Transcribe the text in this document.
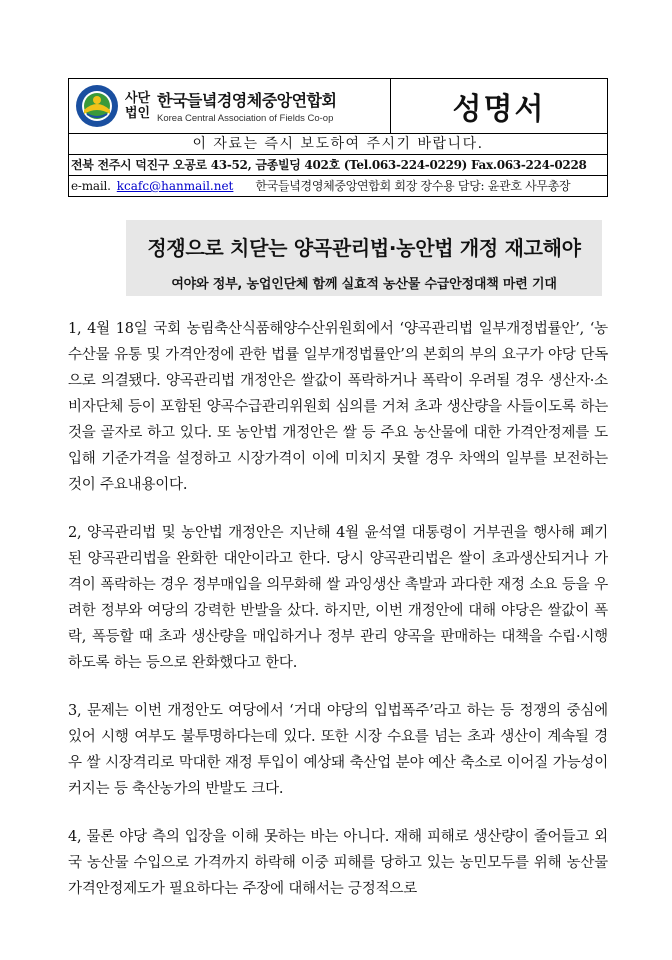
사단
법인
한국들녘경영체중앙연합회
Korea Central Association of Fields Co-op	성명서
이 자료는 즉시 보도하여 주시기 바랍니다.
전북 전주시 덕진구 오공로 43-52, 금종빌딩 402호 (Tel.063-224-0229) Fax.063-224-0228
e-mail. kcafc@hanmail.net 한국들녘경영체중앙연합회 회장 장수용 담당: 윤관호 사무총장
정쟁으로 치닫는 양곡관리법·농안법 개정 재고해야
여야와 정부, 농업인단체 함께 실효적 농산물 수급안정대책 마련 기대

1, 4월 18일 국회 농림축산식품해양수산위원회에서 ‘양곡관리법 일부개정법률안’, ‘농수산물 유통 및 가격안정에 관한 법률 일부개정법률안’의 본회의 부의 요구가 야당 단독으로 의결됐다. 양곡관리법 개정안은 쌀값이 폭락하거나 폭락이 우려될 경우 생산자·소비자단체 등이 포함된 양곡수급관리위원회 심의를 거쳐 초과 생산량을 사들이도록 하는 것을 골자로 하고 있다. 또 농안법 개정안은 쌀 등 주요 농산물에 대한 가격안정제를 도입해 기준가격을 설정하고 시장가격이 이에 미치지 못할 경우 차액의 일부를 보전하는 것이 주요내용이다.

2, 양곡관리법 및 농안법 개정안은 지난해 4월 윤석열 대통령이 거부권을 행사해 폐기된 양곡관리법을 완화한 대안이라고 한다. 당시 양곡관리법은 쌀이 초과생산되거나 가격이 폭락하는 경우 정부매입을 의무화해 쌀 과잉생산 촉발과 과다한 재정 소요 등을 우려한 정부와 여당의 강력한 반발을 샀다. 하지만, 이번 개정안에 대해 야당은 쌀값이 폭락, 폭등할 때 초과 생산량을 매입하거나 정부 관리 양곡을 판매하는 대책을 수립·시행하도록 하는 등으로 완화했다고 한다.

3, 문제는 이번 개정안도 여당에서 ‘거대 야당의 입법폭주’라고 하는 등 정쟁의 중심에 있어 시행 여부도 불투명하다는데 있다. 또한 시장 수요를 넘는 초과 생산이 계속될 경우 쌀 시장격리로 막대한 재정 투입이 예상돼 축산업 분야 예산 축소로 이어질 가능성이 커지는 등 축산농가의 반발도 크다.

4, 물론 야당 측의 입장을 이해 못하는 바는 아니다. 재해 피해로 생산량이 줄어들고 외국 농산물 수입으로 가격까지 하락해 이중 피해를 당하고 있는 농민모두를 위해 농산물 가격안정제도가 필요하다는 주장에 대해서는 긍정적으로
